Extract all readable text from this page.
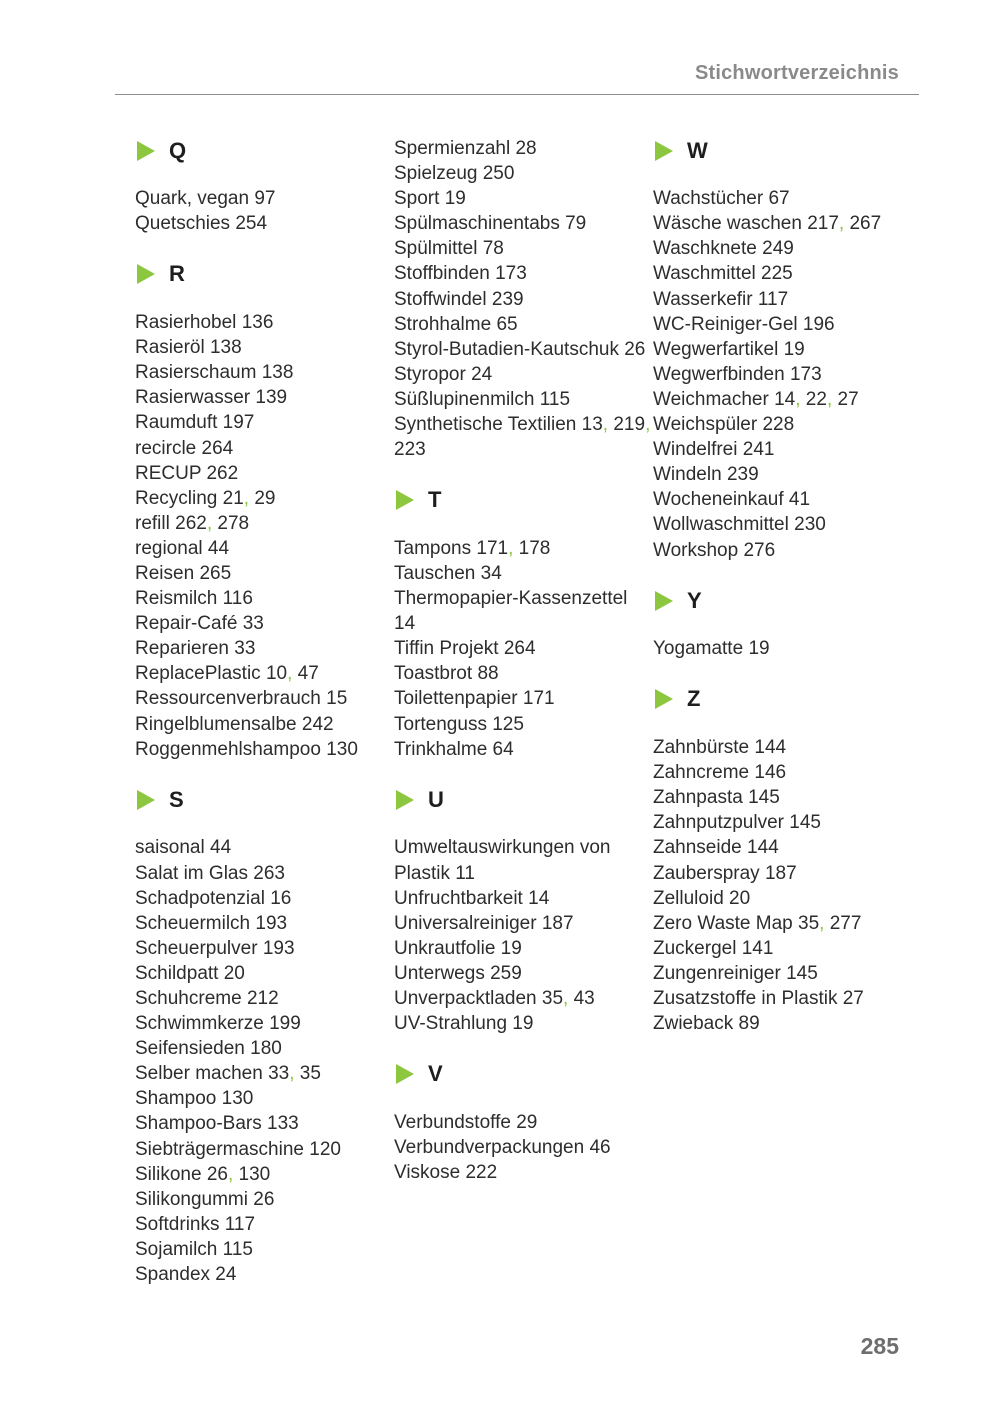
Stichwortverzeichnis
Q
Quark, vegan 97
Quetschies 254
R
Rasierhobel 136
Rasieröl 138
Rasierschaum 138
Rasierwasser 139
Raumduft 197
recircle 264
RECUP 262
Recycling 21, 29
refill 262, 278
regional 44
Reisen 265
Reismilch 116
Repair-Café 33
Reparieren 33
ReplacePlastic 10, 47
Ressourcenverbrauch 15
Ringelblumensalbe 242
Roggenmehlshampoo 130
S
saisonal 44
Salat im Glas 263
Schadpotenzial 16
Scheuermilch 193
Scheuerpulver 193
Schildpatt 20
Schuhcreme 212
Schwimmkerze 199
Seifensieden 180
Selber machen 33, 35
Shampoo 130
Shampoo-Bars 133
Siebträgermaschine 120
Silikone 26, 130
Silikongummi 26
Softdrinks 117
Sojamilch 115
Spandex 24
Spermienzahl 28
Spielzeug 250
Sport 19
Spülmaschinentabs 79
Spülmittel 78
Stoffbinden 173
Stoffwindel 239
Strohhalme 65
Styrol-Butadien-Kautschuk 26
Styropor 24
Süßlupinenmilch 115
Synthetische Textilien 13, 219, 223
T
Tampons 171, 178
Tauschen 34
Thermopapier-Kassenzettel 14
Tiffin Projekt 264
Toastbrot 88
Toilettenpapier 171
Tortenguss 125
Trinkhalme 64
U
Umweltauswirkungen von Plastik 11
Unfruchtbarkeit 14
Universalreiniger 187
Unkrautfolie 19
Unterwegs 259
Unverpacktladen 35, 43
UV-Strahlung 19
V
Verbundstoffe 29
Verbundverpackungen 46
Viskose 222
W
Wachstücher 67
Wäsche waschen 217, 267
Waschknete 249
Waschmittel 225
Wasserkefir 117
WC-Reiniger-Gel 196
Wegwerfartikel 19
Wegwerfbinden 173
Weichmacher 14, 22, 27
Weichspüler 228
Windelfrei 241
Windeln 239
Wocheneinkauf 41
Wollwaschmittel 230
Workshop 276
Y
Yogamatte 19
Z
Zahnbürste 144
Zahncreme 146
Zahnpasta 145
Zahnputzpulver 145
Zahnseide 144
Zauberspray 187
Zelluloid 20
Zero Waste Map 35, 277
Zuckergel 141
Zungenreiniger 145
Zusatzstoffe in Plastik 27
Zwieback 89
285
